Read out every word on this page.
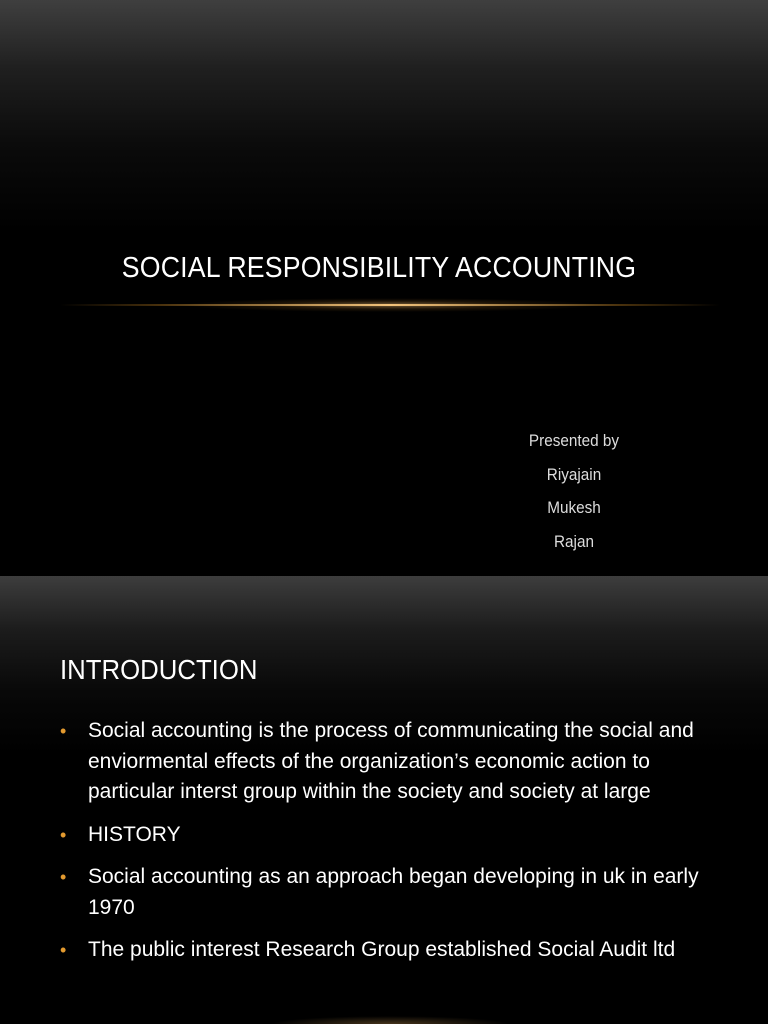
SOCIAL RESPONSIBILITY ACCOUNTING
Presented by
Riyajain
Mukesh
Rajan
INTRODUCTION
• Social accounting is the process of communicating the social and enviormental effects of the organization’s economic action to particular interst group within the society and society at large
• HISTORY
• Social accounting as an approach began developing in uk in early 1970
• The public interest Research Group established Social Audit ltd
